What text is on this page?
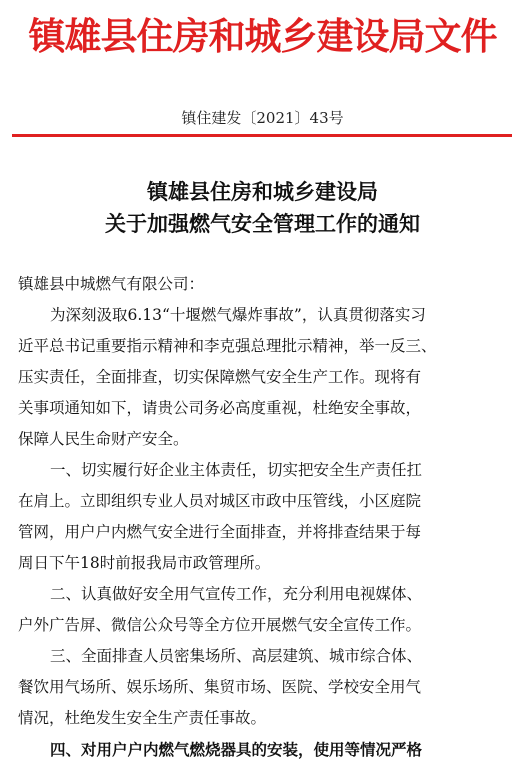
镇雄县住房和城乡建设局文件
镇住建发〔2021〕43号
镇雄县住房和城乡建设局
关于加强燃气安全管理工作的通知
镇雄县中城燃气有限公司：
为深刻汲取6.13“十堰燃气爆炸事故”，认真贯彻落实习
近平总书记重要指示精神和李克强总理批示精神，举一反三、
压实责任，全面排查，切实保障燃气安全生产工作。现将有
关事项通知如下，请贵公司务必高度重视，杜绝安全事故，
保障人民生命财产安全。
一、切实履行好企业主体责任，切实把安全生产责任扛
在肩上。立即组织专业人员对城区市政中压管线，小区庭院
管网，用户户内燃气安全进行全面排查，并将排查结果于每
周日下午18时前报我局市政管理所。
二、认真做好安全用气宣传工作，充分利用电视媒体、
户外广告屏、微信公众号等全方位开展燃气安全宣传工作。
三、全面排查人员密集场所、高层建筑、城市综合体、
餐饮用气场所、娱乐场所、集贸市场、医院、学校安全用气
情况，杜绝发生安全生产责任事故。
四、对用户户内燃气燃烧器具的安装，使用等情况严格
